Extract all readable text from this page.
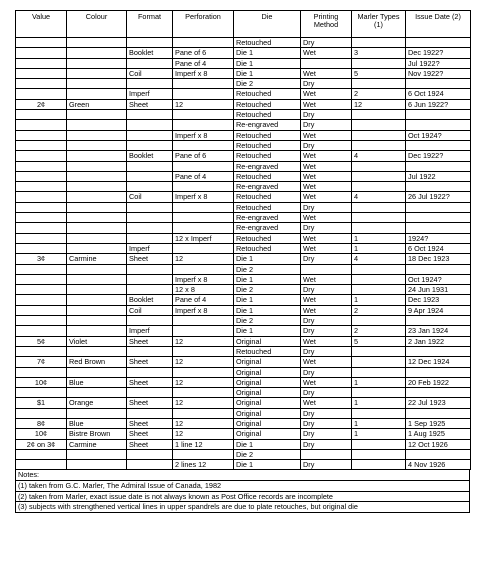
Value	Colour	Format	Perforation	Die	Printing Method	Marler Types (1)	Issue Date (2)
				Retouched	Dry		
		Booklet	Pane of 6	Die 1	Wet	3	Dec 1922?
			Pane of 4	Die 1			Jul 1922?
		Coil	Imperf x 8	Die 1	Wet	5	Nov 1922?
				Die 2	Dry		
		Imperf		Retouched	Wet	2	6 Oct 1924
2¢	Green	Sheet	12	Retouched	Wet	12	6 Jun 1922?
				Retouched	Dry		
				Re-engraved	Dry		
			Imperf x 8	Retouched	Wet		Oct 1924?
				Retouched	Dry		
		Booklet	Pane of 6	Retouched	Wet	4	Dec 1922?
				Re-engraved	Wet		
			Pane of 4	Retouched	Wet		Jul 1922
				Re-engraved	Wet		
		Coil	Imperf x 8	Retouched	Wet	4	26 Jul 1922?
				Retouched	Dry		
				Re-engraved	Wet		
				Re-engraved	Dry		
			12 x Imperf	Retouched	Wet	1	1924?
		Imperf		Retouched	Wet	1	6 Oct 1924
3¢	Carmine	Sheet	12	Die 1	Dry	4	18 Dec 1923
				Die 2			
			Imperf x 8	Die 1	Wet		Oct 1924?
			12 x 8	Die 2	Dry		24 Jun 1931
		Booklet	Pane of 4	Die 1	Wet	1	Dec 1923
		Coil	Imperf x 8	Die 1	Wet	2	9 Apr 1924
				Die 2	Dry		
		Imperf		Die 1	Dry	2	23 Jan 1924
5¢	Violet	Sheet	12	Original	Wet	5	2 Jan 1922
				Retouched	Dry		
7¢	Red Brown	Sheet	12	Original	Wet		12 Dec 1924
				Original	Dry		
10¢	Blue	Sheet	12	Original	Wet	1	20 Feb 1922
				Original	Dry		
$1	Orange	Sheet	12	Original	Wet	1	22 Jul 1923
				Original	Dry		
8¢	Blue	Sheet	12	Original	Dry	1	1 Sep 1925
10¢	Bistre Brown	Sheet	12	Original	Dry	1	1 Aug 1925
2¢ on 3¢	Carmine	Sheet	1 line 12	Die 1	Dry		12 Oct 1926
				Die 2			
			2 lines 12	Die 1	Dry		4 Nov 1926
Notes:
(1) taken from G.C. Marler, The Admiral Issue of Canada, 1982
(2) taken from Marler, exact issue date is not always known as Post Office records are incomplete
(3) subjects with strengthened vertical lines in upper spandrels are due to plate retouches, but original die
